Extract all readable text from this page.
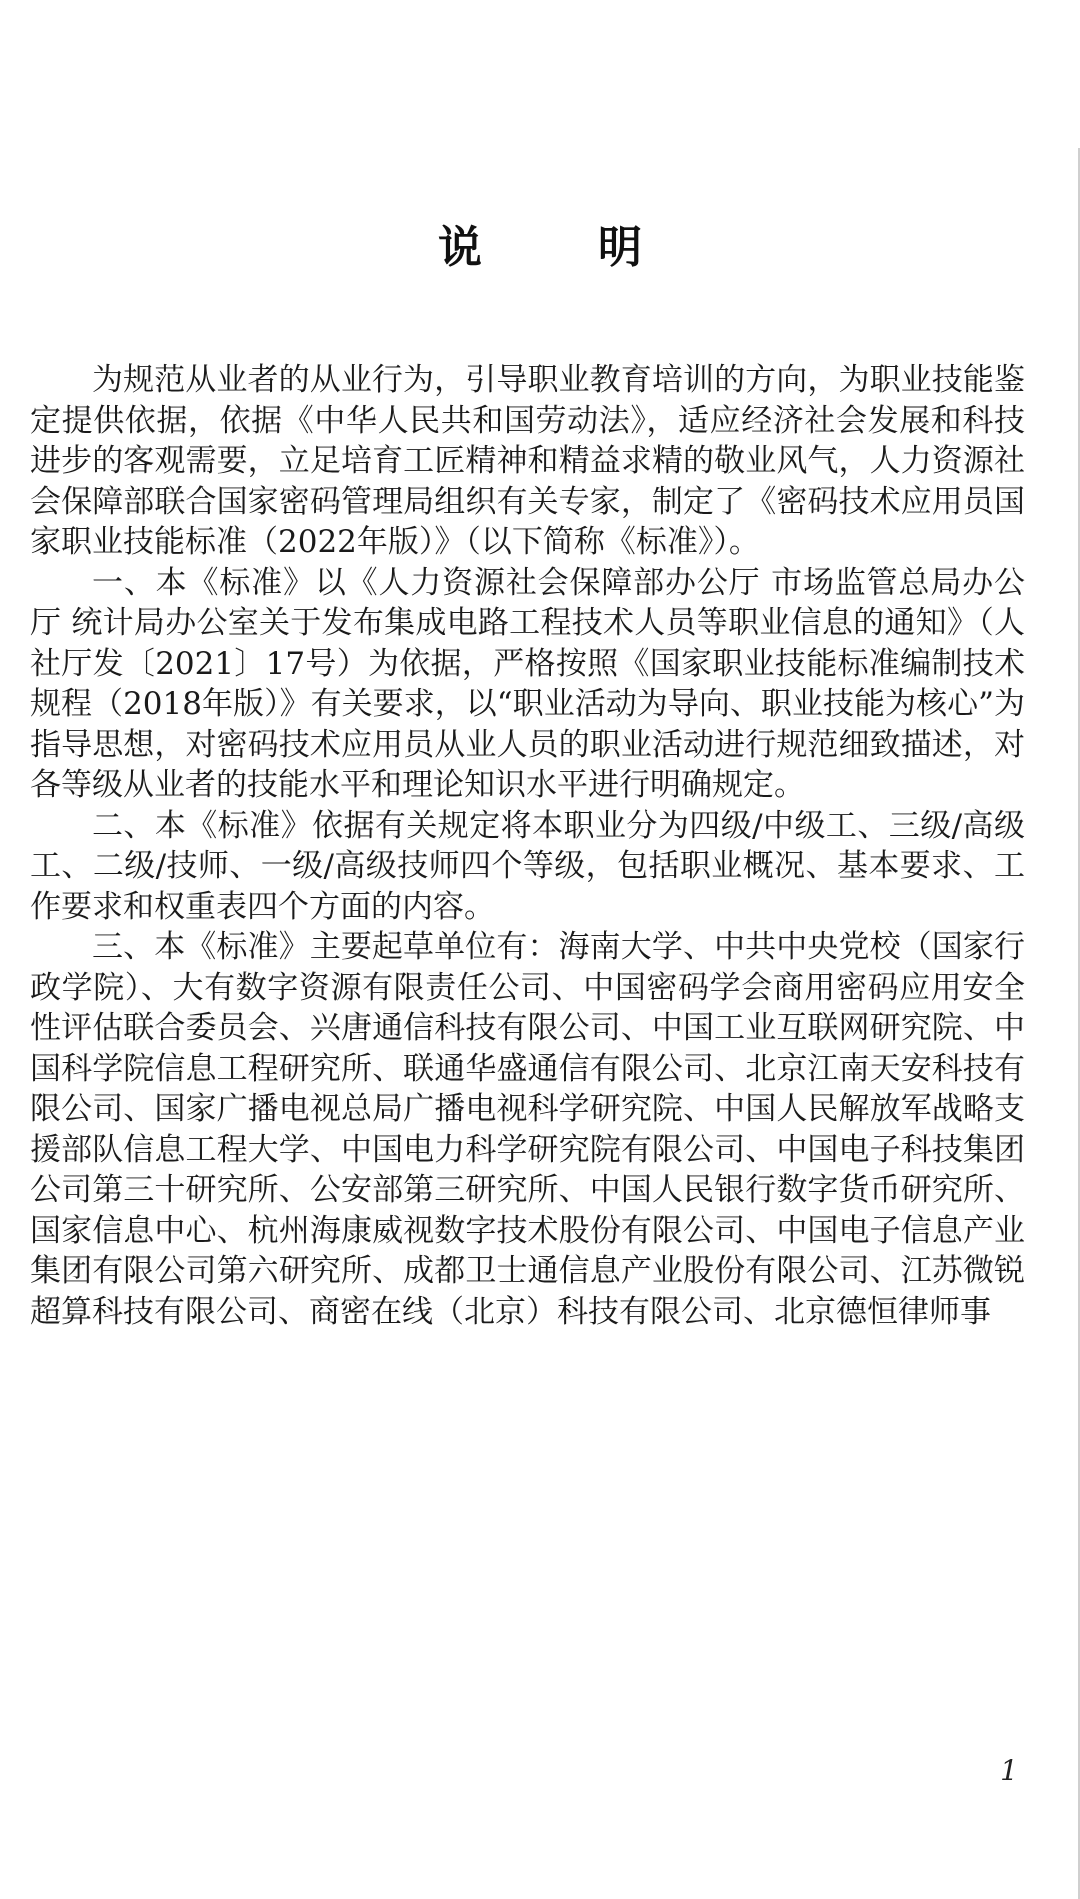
说明

为规范从业者的从业行为，引导职业教育培训的方向，为职业技能鉴定提供依据，依据《中华人民共和国劳动法》，适应经济社会发展和科技进步的客观需要，立足培育工匠精神和精益求精的敬业风气，人力资源社会保障部联合国家密码管理局组织有关专家，制定了《密码技术应用员国家职业技能标准（2022年版）》（以下简称《标准》）。

一、本《标准》以《人力资源社会保障部办公厅 市场监管总局办公厅 统计局办公室关于发布集成电路工程技术人员等职业信息的通知》（人社厅发〔2021〕17号）为依据，严格按照《国家职业技能标准编制技术规程（2018年版）》有关要求，以“职业活动为导向、职业技能为核心”为指导思想，对密码技术应用员从业人员的职业活动进行规范细致描述，对各等级从业者的技能水平和理论知识水平进行明确规定。

二、本《标准》依据有关规定将本职业分为四级/中级工、三级/高级工、二级/技师、一级/高级技师四个等级，包括职业概况、基本要求、工作要求和权重表四个方面的内容。

三、本《标准》主要起草单位有：海南大学、中共中央党校（国家行政学院）、大有数字资源有限责任公司、中国密码学会商用密码应用安全性评估联合委员会、兴唐通信科技有限公司、中国工业互联网研究院、中国科学院信息工程研究所、联通华盛通信有限公司、北京江南天安科技有限公司、国家广播电视总局广播电视科学研究院、中国人民解放军战略支援部队信息工程大学、中国电力科学研究院有限公司、中国电子科技集团公司第三十研究所、公安部第三研究所、中国人民银行数字货币研究所、国家信息中心、杭州海康威视数字技术股份有限公司、中国电子信息产业集团有限公司第六研究所、成都卫士通信息产业股份有限公司、江苏微锐超算科技有限公司、商密在线（北京）科技有限公司、北京德恒律师事

1
